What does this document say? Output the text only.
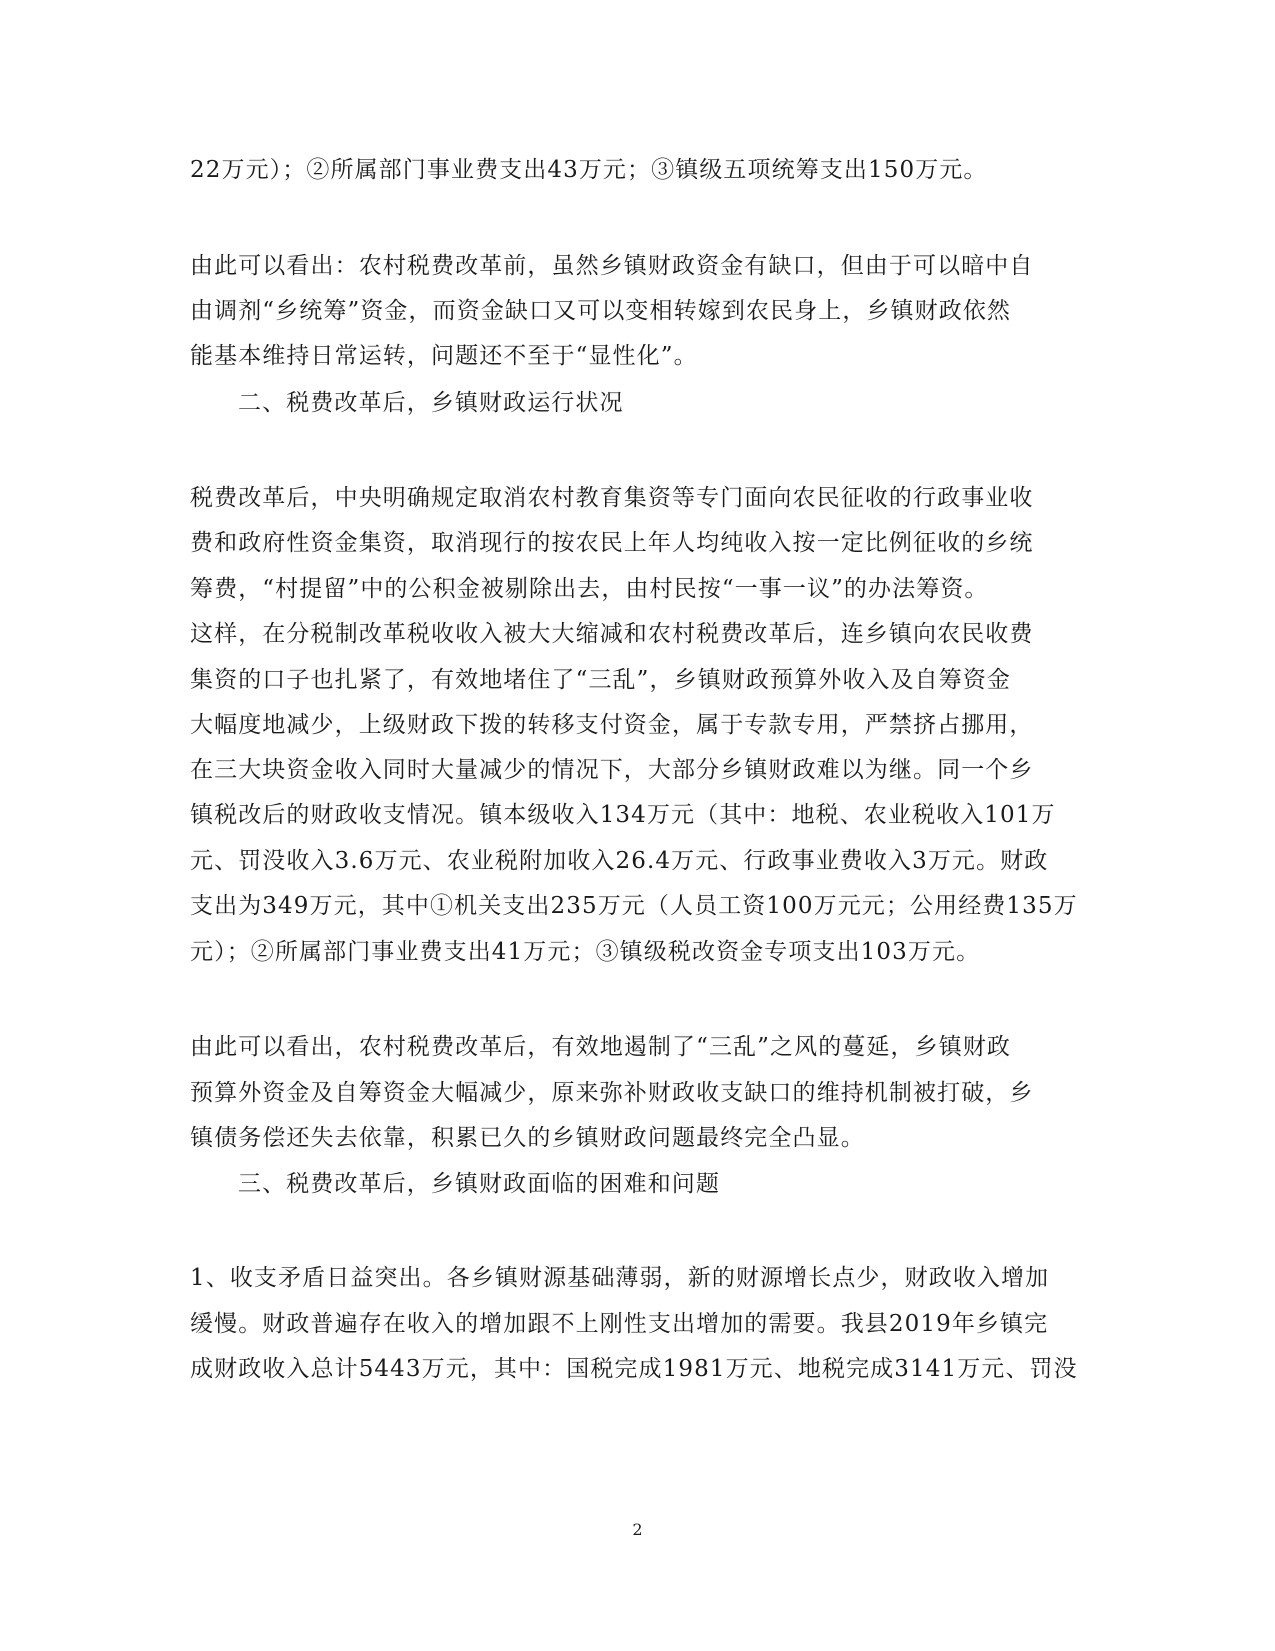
22万元）；②所属部门事业费支出43万元；③镇级五项统筹支出150万元。
由此可以看出：农村税费改革前，虽然乡镇财政资金有缺口，但由于可以暗中自
由调剂“乡统筹”资金，而资金缺口又可以变相转嫁到农民身上，乡镇财政依然
能基本维持日常运转，问题还不至于“显性化”。
二、税费改革后，乡镇财政运行状况
税费改革后，中央明确规定取消农村教育集资等专门面向农民征收的行政事业收
费和政府性资金集资，取消现行的按农民上年人均纯收入按一定比例征收的乡统
筹费，“村提留”中的公积金被剔除出去，由村民按“一事一议”的办法筹资。
这样，在分税制改革税收收入被大大缩减和农村税费改革后，连乡镇向农民收费
集资的口子也扎紧了，有效地堵住了“三乱”，乡镇财政预算外收入及自筹资金
大幅度地减少，上级财政下拨的转移支付资金，属于专款专用，严禁挤占挪用，
在三大块资金收入同时大量减少的情况下，大部分乡镇财政难以为继。同一个乡
镇税改后的财政收支情况。镇本级收入134万元（其中：地税、农业税收入101万
元、罚没收入3.6万元、农业税附加收入26.4万元、行政事业费收入3万元。财政
支出为349万元，其中①机关支出235万元（人员工资100万元元；公用经费135万
元）；②所属部门事业费支出41万元；③镇级税改资金专项支出103万元。
由此可以看出，农村税费改革后，有效地遏制了“三乱”之风的蔓延，乡镇财政
预算外资金及自筹资金大幅减少，原来弥补财政收支缺口的维持机制被打破，乡
镇债务偿还失去依靠，积累已久的乡镇财政问题最终完全凸显。
三、税费改革后，乡镇财政面临的困难和问题
1、收支矛盾日益突出。各乡镇财源基础薄弱，新的财源增长点少，财政收入增加
缓慢。财政普遍存在收入的增加跟不上刚性支出增加的需要。我县2019年乡镇完
成财政收入总计5443万元，其中：国税完成1981万元、地税完成3141万元、罚没
2
